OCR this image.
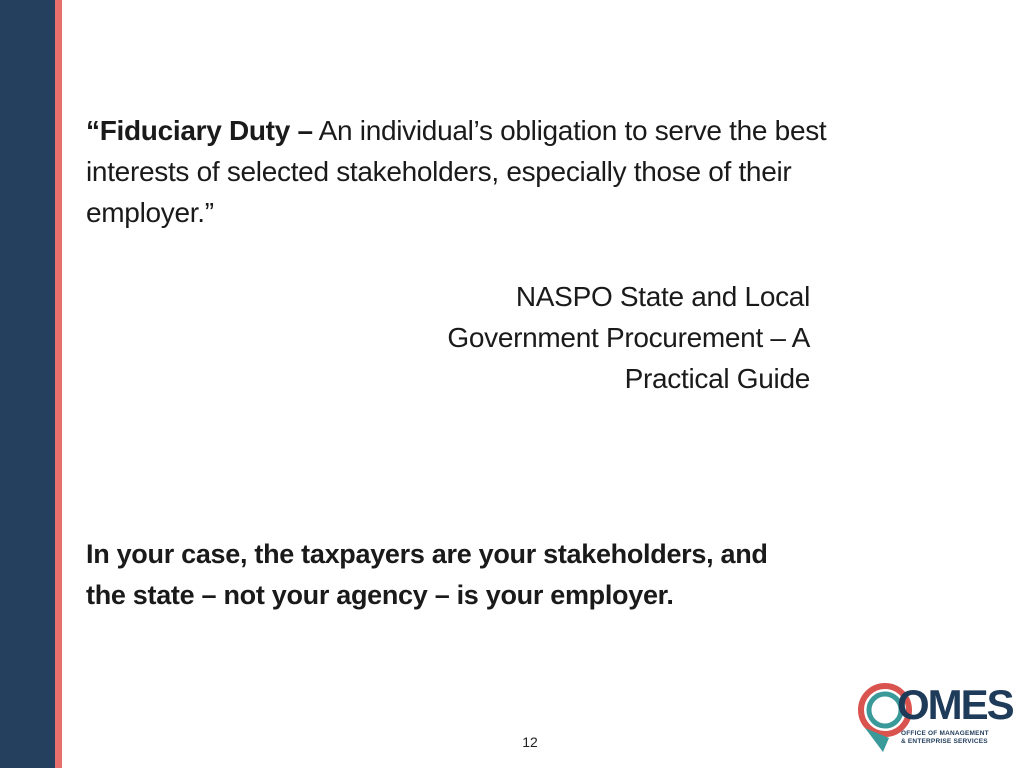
“Fiduciary Duty – An individual’s obligation to serve the best interests of selected stakeholders, especially those of their employer.”
NASPO State and Local
Government Procurement – A
Practical Guide
In your case, the taxpayers are your stakeholders, and
the state – not your agency – is your employer.
12
OMES
OFFICE OF MANAGEMENT
& ENTERPRISE SERVICES
